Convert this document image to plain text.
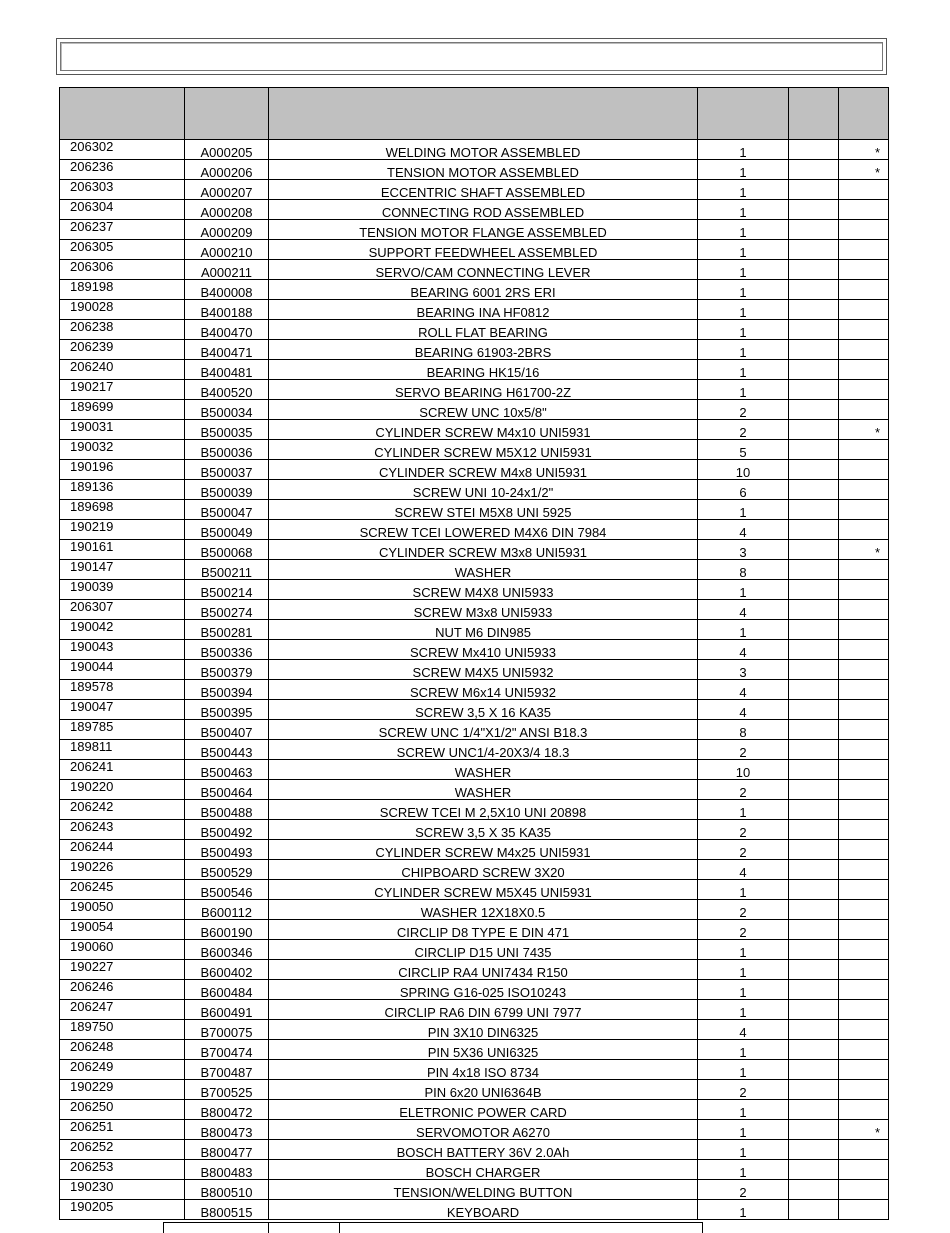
206302	A000205	WELDING MOTOR ASSEMBLED	1		*
206236	A000206	TENSION MOTOR ASSEMBLED	1		*
206303	A000207	ECCENTRIC SHAFT ASSEMBLED	1		
206304	A000208	CONNECTING ROD ASSEMBLED	1		
206237	A000209	TENSION MOTOR FLANGE ASSEMBLED	1		
206305	A000210	SUPPORT FEEDWHEEL ASSEMBLED	1		
206306	A000211	SERVO/CAM CONNECTING LEVER	1		
189198	B400008	BEARING 6001 2RS ERI	1		
190028	B400188	BEARING INA HF0812	1		
206238	B400470	ROLL FLAT BEARING	1		
206239	B400471	BEARING 61903-2BRS	1		
206240	B400481	BEARING HK15/16	1		
190217	B400520	SERVO BEARING H61700-2Z	1		
189699	B500034	SCREW UNC 10x5/8"	2		
190031	B500035	CYLINDER SCREW M4x10 UNI5931	2		*
190032	B500036	CYLINDER SCREW M5X12 UNI5931	5		
190196	B500037	CYLINDER SCREW M4x8 UNI5931	10		
189136	B500039	SCREW UNI 10-24x1/2"	6		
189698	B500047	SCREW STEI M5X8 UNI 5925	1		
190219	B500049	SCREW TCEI LOWERED M4X6 DIN 7984	4		
190161	B500068	CYLINDER SCREW M3x8 UNI5931	3		*
190147	B500211	WASHER	8		
190039	B500214	SCREW M4X8 UNI5933	1		
206307	B500274	SCREW M3x8 UNI5933	4		
190042	B500281	NUT M6 DIN985	1		
190043	B500336	SCREW Mx410 UNI5933	4		
190044	B500379	SCREW M4X5 UNI5932	3		
189578	B500394	SCREW M6x14 UNI5932	4		
190047	B500395	SCREW 3,5 X 16 KA35	4		
189785	B500407	SCREW UNC 1/4"X1/2" ANSI B18.3	8		
189811	B500443	SCREW UNC1/4-20X3/4 18.3	2		
206241	B500463	WASHER	10		
190220	B500464	WASHER	2		
206242	B500488	SCREW TCEI M 2,5X10 UNI 20898	1		
206243	B500492	SCREW 3,5 X 35 KA35	2		
206244	B500493	CYLINDER SCREW M4x25 UNI5931	2		
190226	B500529	CHIPBOARD SCREW 3X20	4		
206245	B500546	CYLINDER SCREW M5X45 UNI5931	1		
190050	B600112	WASHER 12X18X0.5	2		
190054	B600190	CIRCLIP D8 TYPE E DIN 471	2		
190060	B600346	CIRCLIP D15 UNI 7435	1		
190227	B600402	CIRCLIP RA4 UNI7434 R150	1		
206246	B600484	SPRING G16-025 ISO10243	1		
206247	B600491	CIRCLIP RA6 DIN 6799 UNI 7977	1		
189750	B700075	PIN 3X10 DIN6325	4		
206248	B700474	PIN 5X36 UNI6325	1		
206249	B700487	PIN 4x18 ISO 8734	1		
190229	B700525	PIN 6x20 UNI6364B	2		
206250	B800472	ELETRONIC POWER CARD	1		
206251	B800473	SERVOMOTOR A6270	1		*
206252	B800477	BOSCH BATTERY 36V 2.0Ah	1		
206253	B800483	BOSCH CHARGER	1		
190230	B800510	TENSION/WELDING BUTTON	2		
190205	B800515	KEYBOARD	1		
